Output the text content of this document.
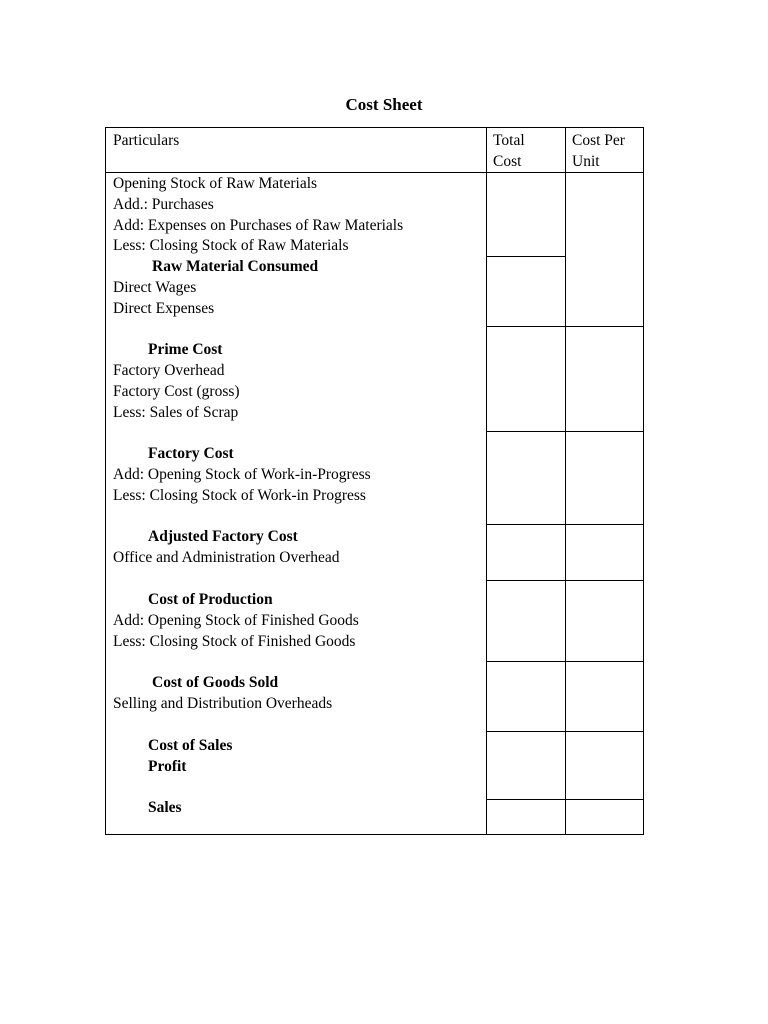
Cost Sheet
Particulars	Total
Cost
Cost Per
Unit
Opening Stock of Raw Materials
Add.: Purchases
Add: Expenses on Purchases of Raw Materials
Less: Closing Stock of Raw Materials
Raw Material Consumed
Direct Wages
Direct Expenses
Prime Cost
Factory Overhead
Factory Cost (gross)
Less: Sales of Scrap
Factory Cost
Add: Opening Stock of Work-in-Progress
Less: Closing Stock of Work-in Progress
Adjusted Factory Cost
Office and Administration Overhead
Cost of Production
Add: Opening Stock of Finished Goods
Less: Closing Stock of Finished Goods
Cost of Goods Sold
Selling and Distribution Overheads
Cost of Sales
Profit
Sales
